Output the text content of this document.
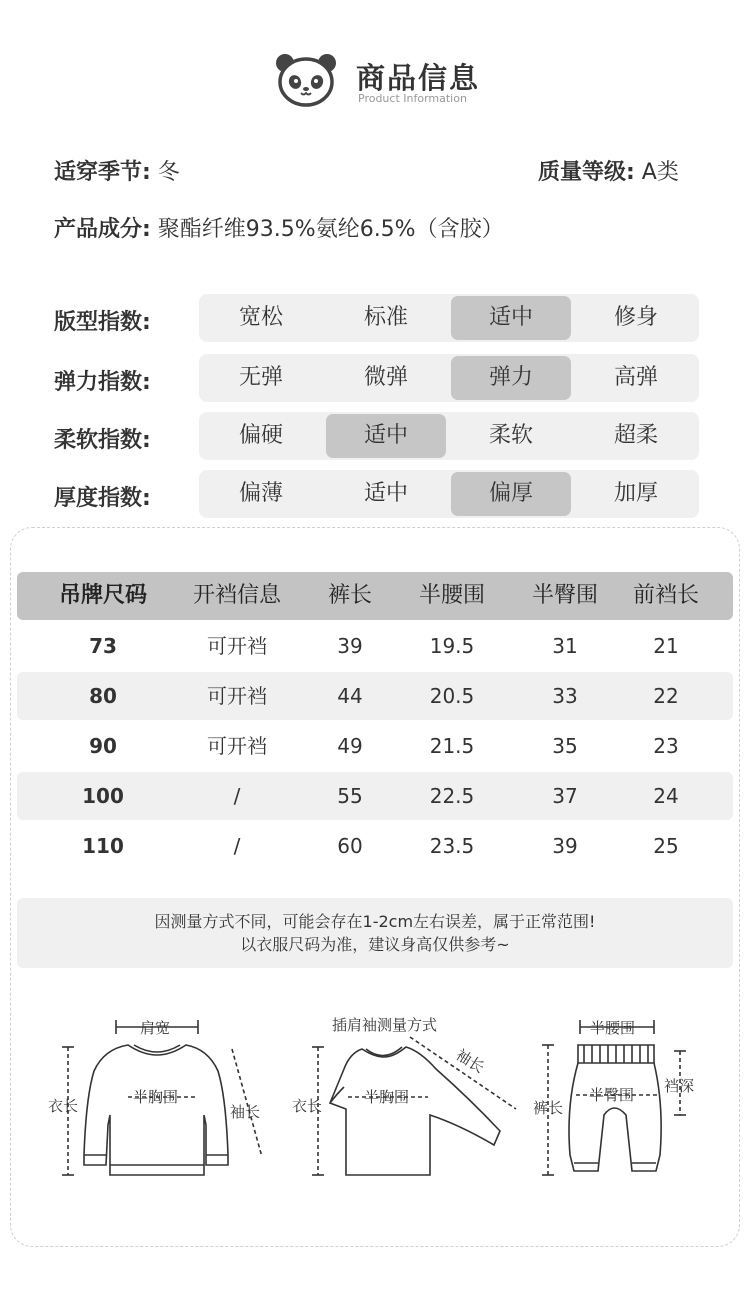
商品信息
Product Information
适穿季节: 冬	质量等级: A类
产品成分: 聚酯纤维93.5%氨纶6.5%（含胶）
版型指数:	宽松	标准	适中	修身
弹力指数:	无弹	微弹	弹力	高弹
柔软指数:	偏硬	适中	柔软	超柔
厚度指数:	偏薄	适中	偏厚	加厚
吊牌尺码	开裆信息	裤长	半腰围	半臀围	前裆长
73	可开裆	39	19.5	31	21
80	可开裆	44	20.5	33	22
90	可开裆	49	21.5	35	23
100	/	55	22.5	37	24
110	/	60	23.5	39	25
因测量方式不同，可能会存在1-2cm左右误差，属于正常范围!
以衣服尺码为准，建议身高仅供参考~
肩宽
半胸围
衣长	袖长
插肩袖测量方式
半胸围
衣长
袖长
半腰围
半臀围
裤长
裆深
